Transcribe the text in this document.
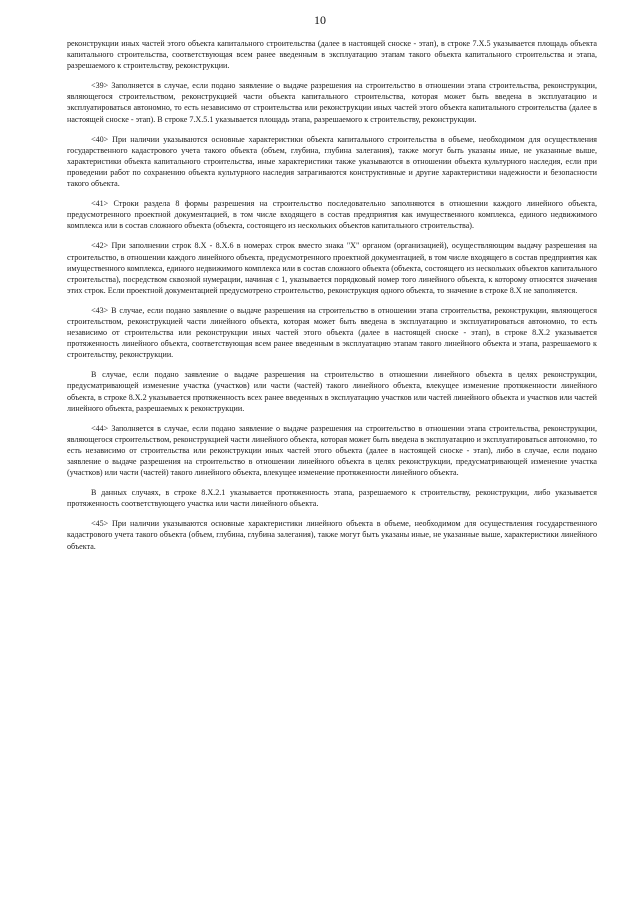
10

реконструкции иных частей этого объекта капитального строительства (далее в настоящей сноске - этап), в строке 7.Х.5 указывается площадь объекта капитального строительства, соответствующая всем ранее введенным в эксплуатацию этапам такого объекта капитального строительства и этапа, разрешаемого к строительству, реконструкции.

<39> Заполняется в случае, если подано заявление о выдаче разрешения на строительство в отношении этапа строительства, реконструкции, являющегося строительством, реконструкцией части объекта капитального строительства, которая может быть введена в эксплуатацию и эксплуатироваться автономно, то есть независимо от строительства или реконструкции иных частей этого объекта капитального строительства (далее в настоящей сноске - этап). В строке 7.Х.5.1 указывается площадь этапа, разрешаемого к строительству, реконструкции.

<40> При наличии указываются основные характеристики объекта капитального строительства в объеме, необходимом для осуществления государственного кадастрового учета такого объекта (объем, глубина, глубина залегания), также могут быть указаны иные, не указанные выше, характеристики объекта капитального строительства, иные характеристики также указываются в отношении объекта культурного наследия, если при проведении работ по сохранению объекта культурного наследия затрагиваются конструктивные и другие характеристики надежности и безопасности такого объекта.

<41> Строки раздела 8 формы разрешения на строительство последовательно заполняются в отношении каждого линейного объекта, предусмотренного проектной документацией, в том числе входящего в состав предприятия как имущественного комплекса, единого недвижимого комплекса или в состав сложного объекта (объекта, состоящего из нескольких объектов капитального строительства).

<42> При заполнении строк 8.Х - 8.Х.6 в номерах строк вместо знака "Х" органом (организацией), осуществляющим выдачу разрешения на строительство, в отношении каждого линейного объекта, предусмотренного проектной документацией, в том числе входящего в состав предприятия как имущественного комплекса, единого недвижимого комплекса или в состав сложного объекта (объекта, состоящего из нескольких объектов капитального строительства), посредством сквозной нумерации, начиная с 1, указывается порядковый номер того линейного объекта, к которому относятся значения этих строк. Если проектной документацией предусмотрено строительство, реконструкция одного объекта, то значение в строке 8.Х не заполняется.

<43> В случае, если подано заявление о выдаче разрешения на строительство в отношении этапа строительства, реконструкции, являющегося строительством, реконструкцией части линейного объекта, которая может быть введена в эксплуатацию и эксплуатироваться автономно, то есть независимо от строительства или реконструкции иных частей этого объекта (далее в настоящей сноске - этап), в строке 8.Х.2 указывается протяженность линейного объекта, соответствующая всем ранее введенным в эксплуатацию этапам такого линейного объекта и этапа, разрешаемого к строительству, реконструкции.

В случае, если подано заявление о выдаче разрешения на строительство в отношении линейного объекта в целях реконструкции, предусматривающей изменение участка (участков) или части (частей) такого линейного объекта, влекущее изменение протяженности линейного объекта, в строке 8.Х.2 указывается протяженность всех ранее введенных в эксплуатацию участков или частей линейного объекта и участков или частей линейного объекта, разрешаемых к реконструкции.

<44> Заполняется в случае, если подано заявление о выдаче разрешения на строительство в отношении этапа строительства, реконструкции, являющегося строительством, реконструкцией части линейного объекта, которая может быть введена в эксплуатацию и эксплуатироваться автономно, то есть независимо от строительства или реконструкции иных частей этого объекта (далее в настоящей сноске - этап), либо в случае, если подано заявление о выдаче разрешения на строительство в отношении линейного объекта в целях реконструкции, предусматривающей изменение участка (участков) или части (частей) такого линейного объекта, влекущее изменение протяженности линейного объекта.

В данных случаях, в строке 8.Х.2.1 указывается протяженность этапа, разрешаемого к строительству, реконструкции, либо указывается протяженность соответствующего участка или части линейного объекта.

<45> При наличии указываются основные характеристики линейного объекта в объеме, необходимом для осуществления государственного кадастрового учета такого объекта (объем, глубина, глубина залегания), также могут быть указаны иные, не указанные выше, характеристики линейного объекта.
